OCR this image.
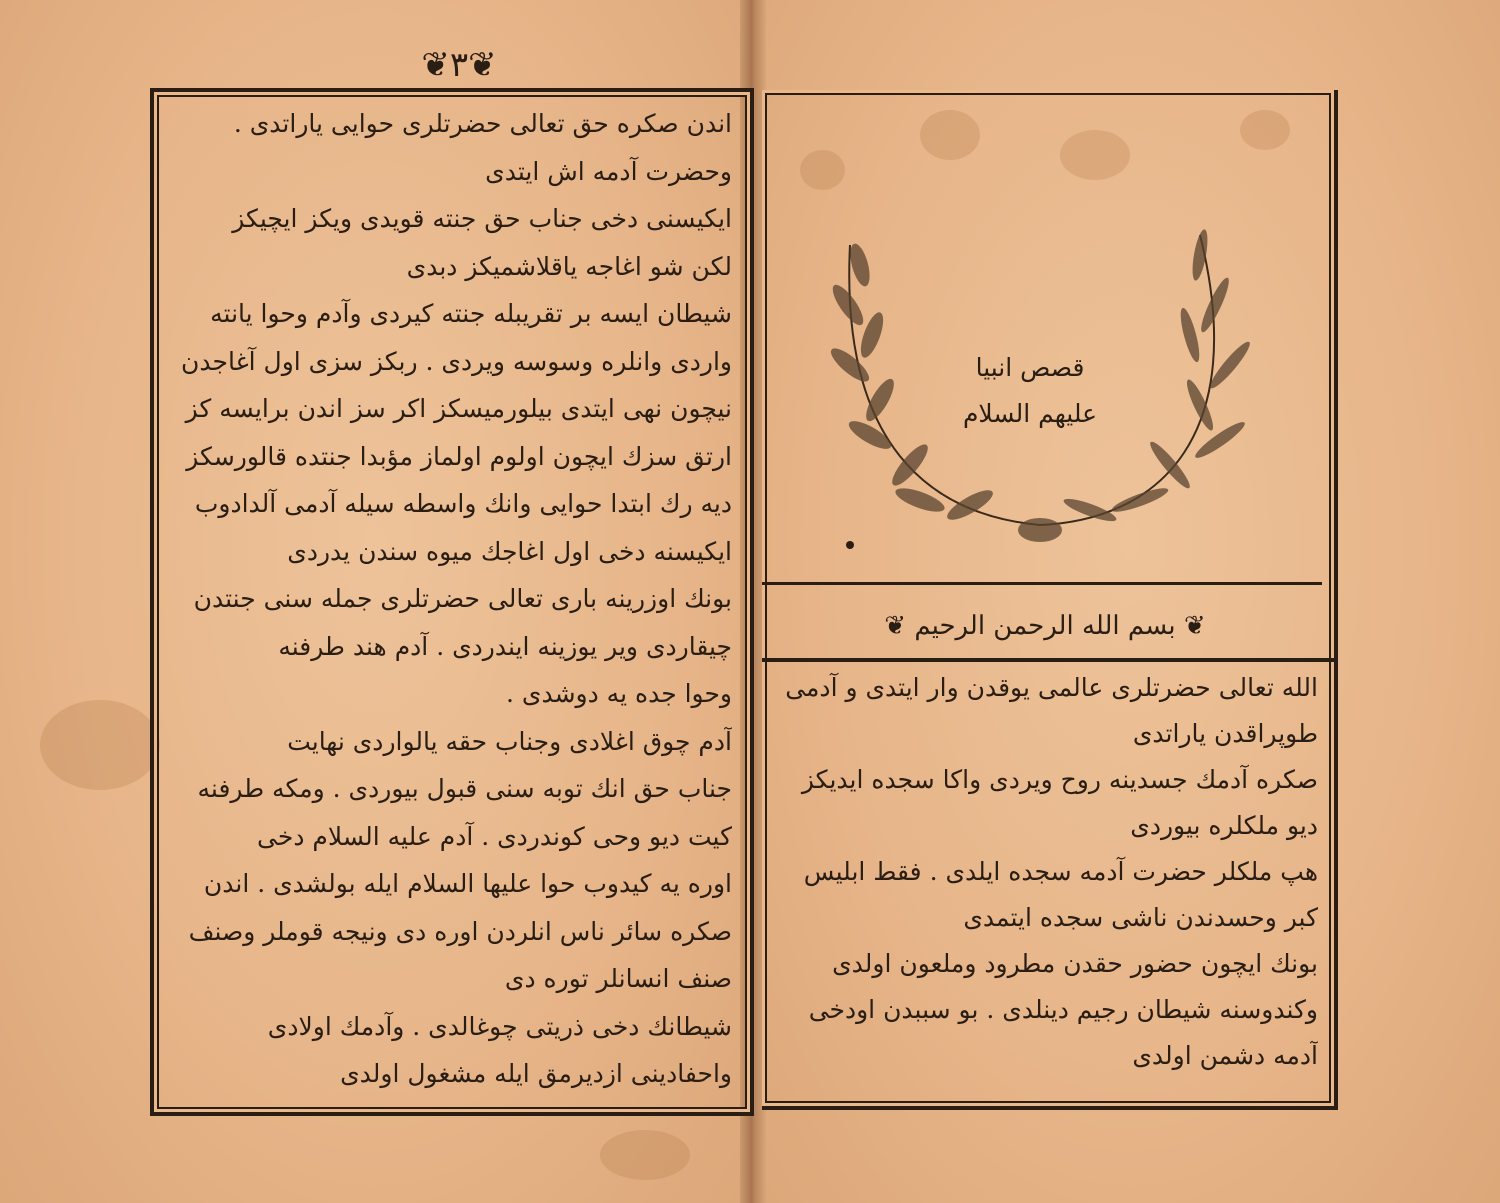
❦٣❦
اندن صكره حق تعالى حضرتلرى حوايى ياراتدى .
وحضرت آدمه اش ايتدى
ايكيسنى دخى جناب حق جنته قويدى ويكز ايچيكز
لكن شو اغاجه ياقلاشميكز دبدى
شيطان ايسه بر تقريبله جنته كيردى وآدم وحوا يانته
واردى وانلره وسوسه ويردى . ربكز سزى اول آغاجدن
نيچون نهى ايتدى بيلورميسكز اكر سز اندن برايسه كز
ارتق سزك ايچون اولوم اولماز مؤبدا جنتده قالورسكز
ديه رك ابتدا حوايى وانك واسطه سيله آدمى آلدادوب
ايكيسنه دخى اول اغاجك ميوه سندن يدردى
بونك اوزرينه بارى تعالى حضرتلرى جمله سنى جنتدن
چيقاردى وير يوزينه ايندردى . آدم هند طرفنه
وحوا جده يه دوشدى .
آدم چوق اغلادى وجناب حقه يالواردى نهايت
جناب حق انك توبه سنى قبول بيوردى . ومكه طرفنه
كيت ديو وحى كوندردى . آدم عليه السلام دخى
اوره يه كيدوب حوا عليها السلام ايله بولشدى . اندن
صكره سائر ناس انلردن اوره دى ونيجه قوملر وصنف
صنف انسانلر توره دى
شيطانك دخى ذريتى چوغالدى . وآدمك اولادى
واحفادينى ازديرمق ايله مشغول اولدى
قصص انبيا
عليهم السلام
❦ بسم الله الرحمن الرحيم ❦
الله تعالى حضرتلرى عالمى يوقدن وار ايتدى و آدمى
طوپراقدن ياراتدى
صكره آدمك جسدينه روح ويردى واكا سجده ايديكز
ديو ملكلره بيوردى
هپ ملكلر حضرت آدمه سجده ايلدى . فقط ابليس
كبر وحسدندن ناشى سجده ايتمدى
بونك ايچون حضور حقدن مطرود وملعون اولدى
وكندوسنه شيطان رجيم دينلدى . بو سببدن اودخى
آدمه دشمن اولدى
